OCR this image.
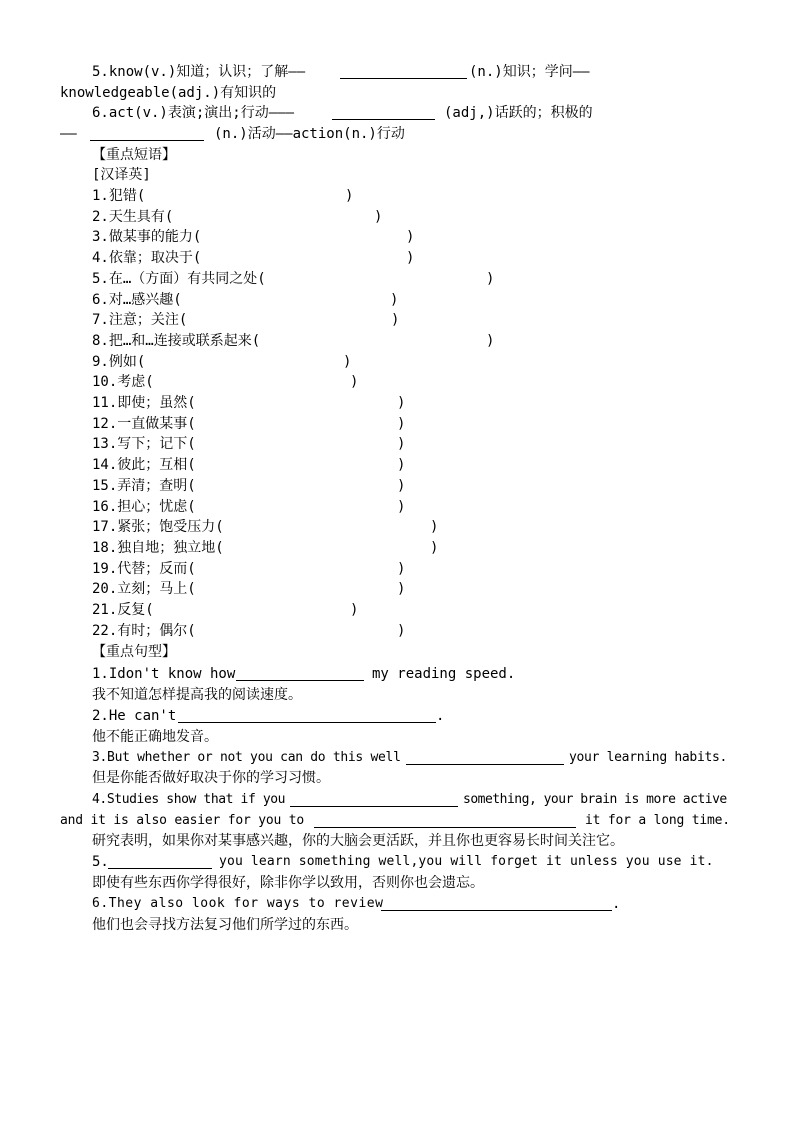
5.know(v.)知道；认识；了解——	(n.)知识；学问——
knowledgeable(adj.)有知识的
6.act(v.)表演;演出;行动———	(adj,)话跃的；积极的
——	(n.)活动——action(n.)行动
【重点短语】
[汉译英]
1.犯错(	)
2.天生具有(	)
3.做某事的能力(	)
4.依靠；取决于(	)
5.在…（方面）有共同之处(	)
6.对…感兴趣(	)
7.注意；关注(	)
8.把…和…连接或联系起来(	)
9.例如(	)
10.考虑(	)
11.即使；虽然(	)
12.一直做某事(	)
13.写下；记下(	)
14.彼此；互相(	)
15.弄清；查明(	)
16.担心；忧虑(	)
17.紧张；饱受压力(	)
18.独自地；独立地(	)
19.代替；反而(	)
20.立刻；马上(	)
21.反复(	)
22.有时；偶尔(	)
【重点句型】
1.Idon't know how	my reading speed.
我不知道怎样提高我的阅读速度。
2.He can't	.
他不能正确地发音。
3.But whether or not you can do this well	your learning habits.
但是你能否做好取决于你的学习习惯。
4.Studies show that if you	something, your brain is more active
and it is also easier for you to	it for a long time.
研究表明，如果你对某事感兴趣，你的大脑会更活跃，并且你也更容易长时间关注它。
5.	you learn something well,you will forget it unless you use it.
即使有些东西你学得很好，除非你学以致用，否则你也会遗忘。
6.They also look for ways to review	.
他们也会寻找方法复习他们所学过的东西。
